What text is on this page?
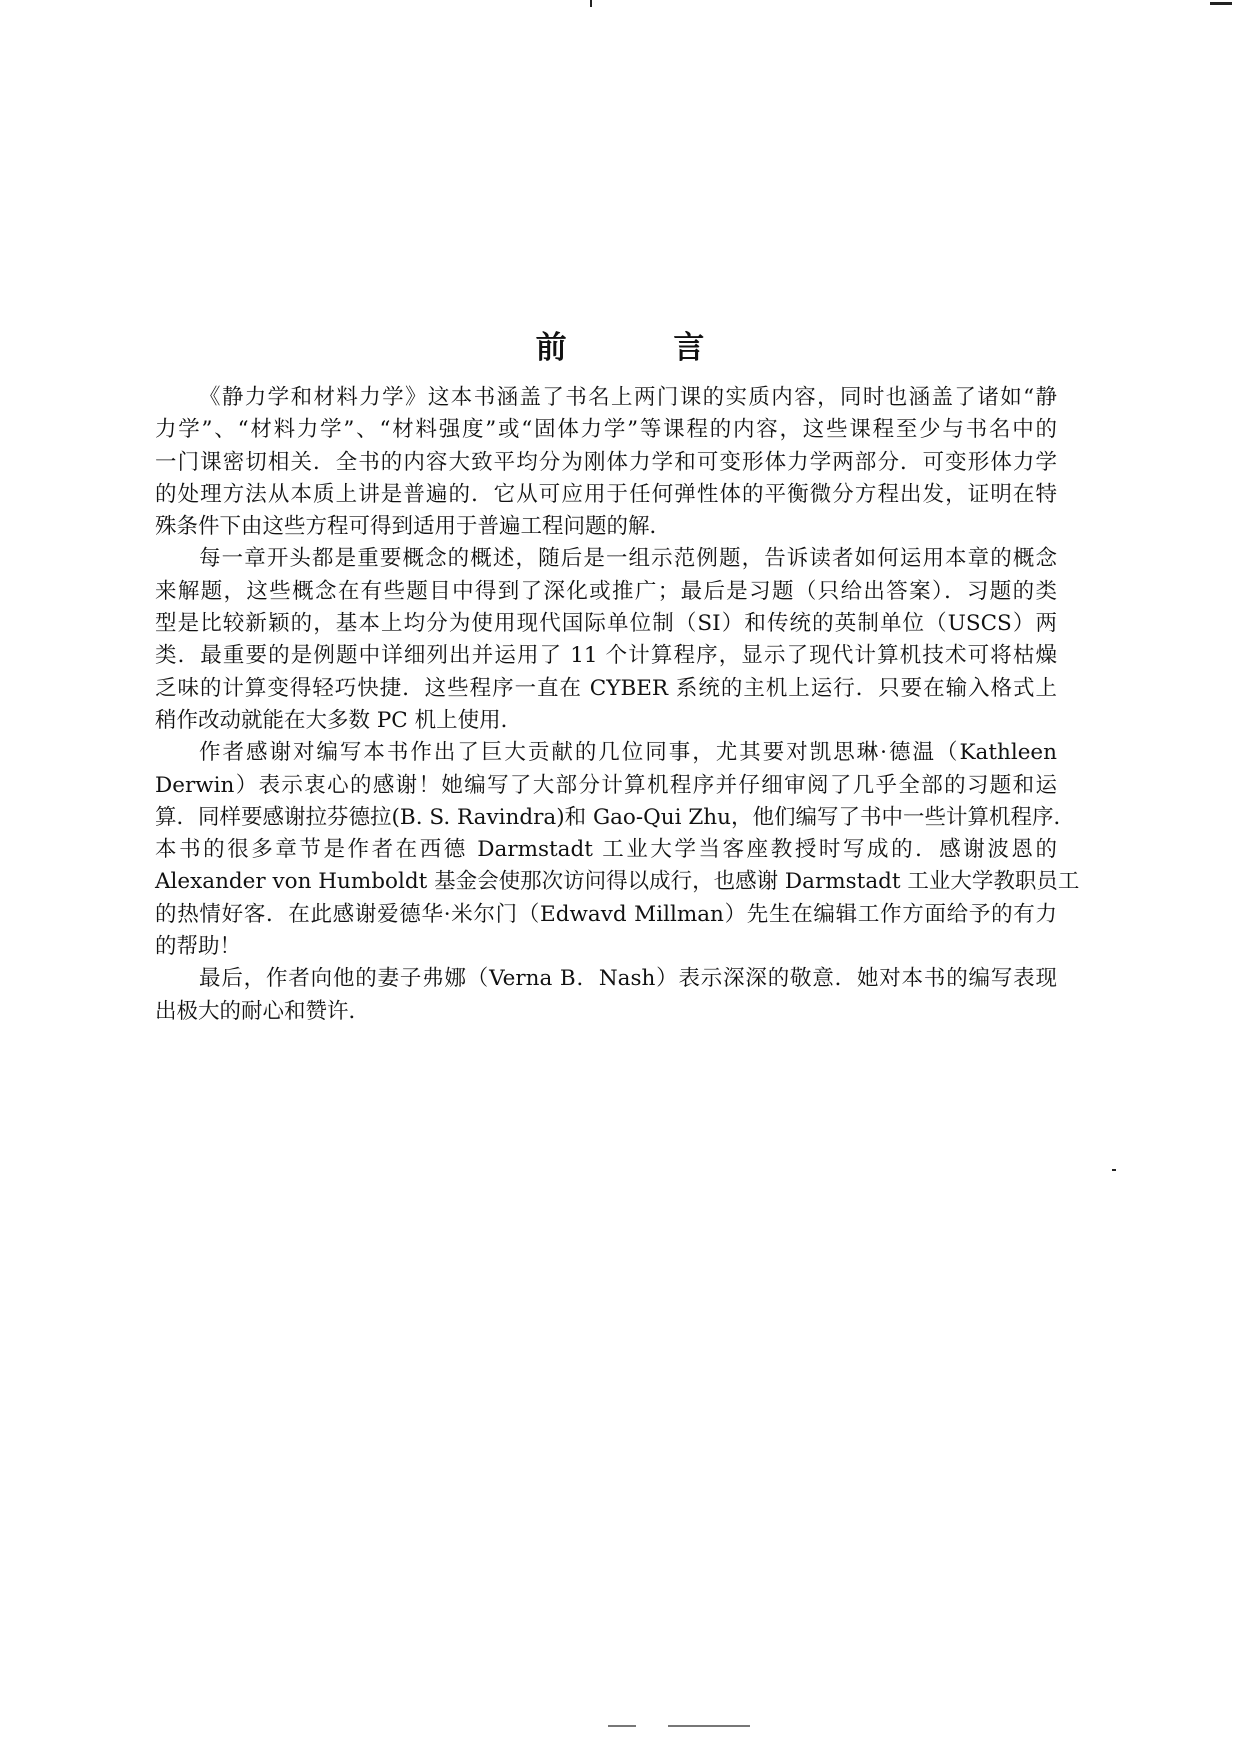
前 言
《静力学和材料力学》这本书涵盖了书名上两门课的实质内容，同时也涵盖了诸如“静
力学”、“材料力学”、“材料强度”或“固体力学”等课程的内容，这些课程至少与书名中的
一门课密切相关．全书的内容大致平均分为刚体力学和可变形体力学两部分．可变形体力学
的处理方法从本质上讲是普遍的．它从可应用于任何弹性体的平衡微分方程出发，证明在特
殊条件下由这些方程可得到适用于普遍工程问题的解．
每一章开头都是重要概念的概述，随后是一组示范例题，告诉读者如何运用本章的概念
来解题，这些概念在有些题目中得到了深化或推广；最后是习题（只给出答案）．习题的类
型是比较新颖的，基本上均分为使用现代国际单位制（SI）和传统的英制单位（USCS）两
类．最重要的是例题中详细列出并运用了 11 个计算程序，显示了现代计算机技术可将枯燥
乏味的计算变得轻巧快捷．这些程序一直在 CYBER 系统的主机上运行．只要在输入格式上
稍作改动就能在大多数 PC 机上使用．
作者感谢对编写本书作出了巨大贡献的几位同事，尤其要对凯思琳·德温（Kathleen
Derwin）表示衷心的感谢！她编写了大部分计算机程序并仔细审阅了几乎全部的习题和运
算．同样要感谢拉芬德拉(B. S. Ravindra)和 Gao-Qui Zhu，他们编写了书中一些计算机程序．
本书的很多章节是作者在西德 Darmstadt 工业大学当客座教授时写成的．感谢波恩的
Alexander von Humboldt 基金会使那次访问得以成行，也感谢 Darmstadt 工业大学教职员工
的热情好客．在此感谢爱德华·米尔门（Edwavd Millman）先生在编辑工作方面给予的有力
的帮助！
最后，作者向他的妻子弗娜（Verna B．Nash）表示深深的敬意．她对本书的编写表现
出极大的耐心和赞许．
